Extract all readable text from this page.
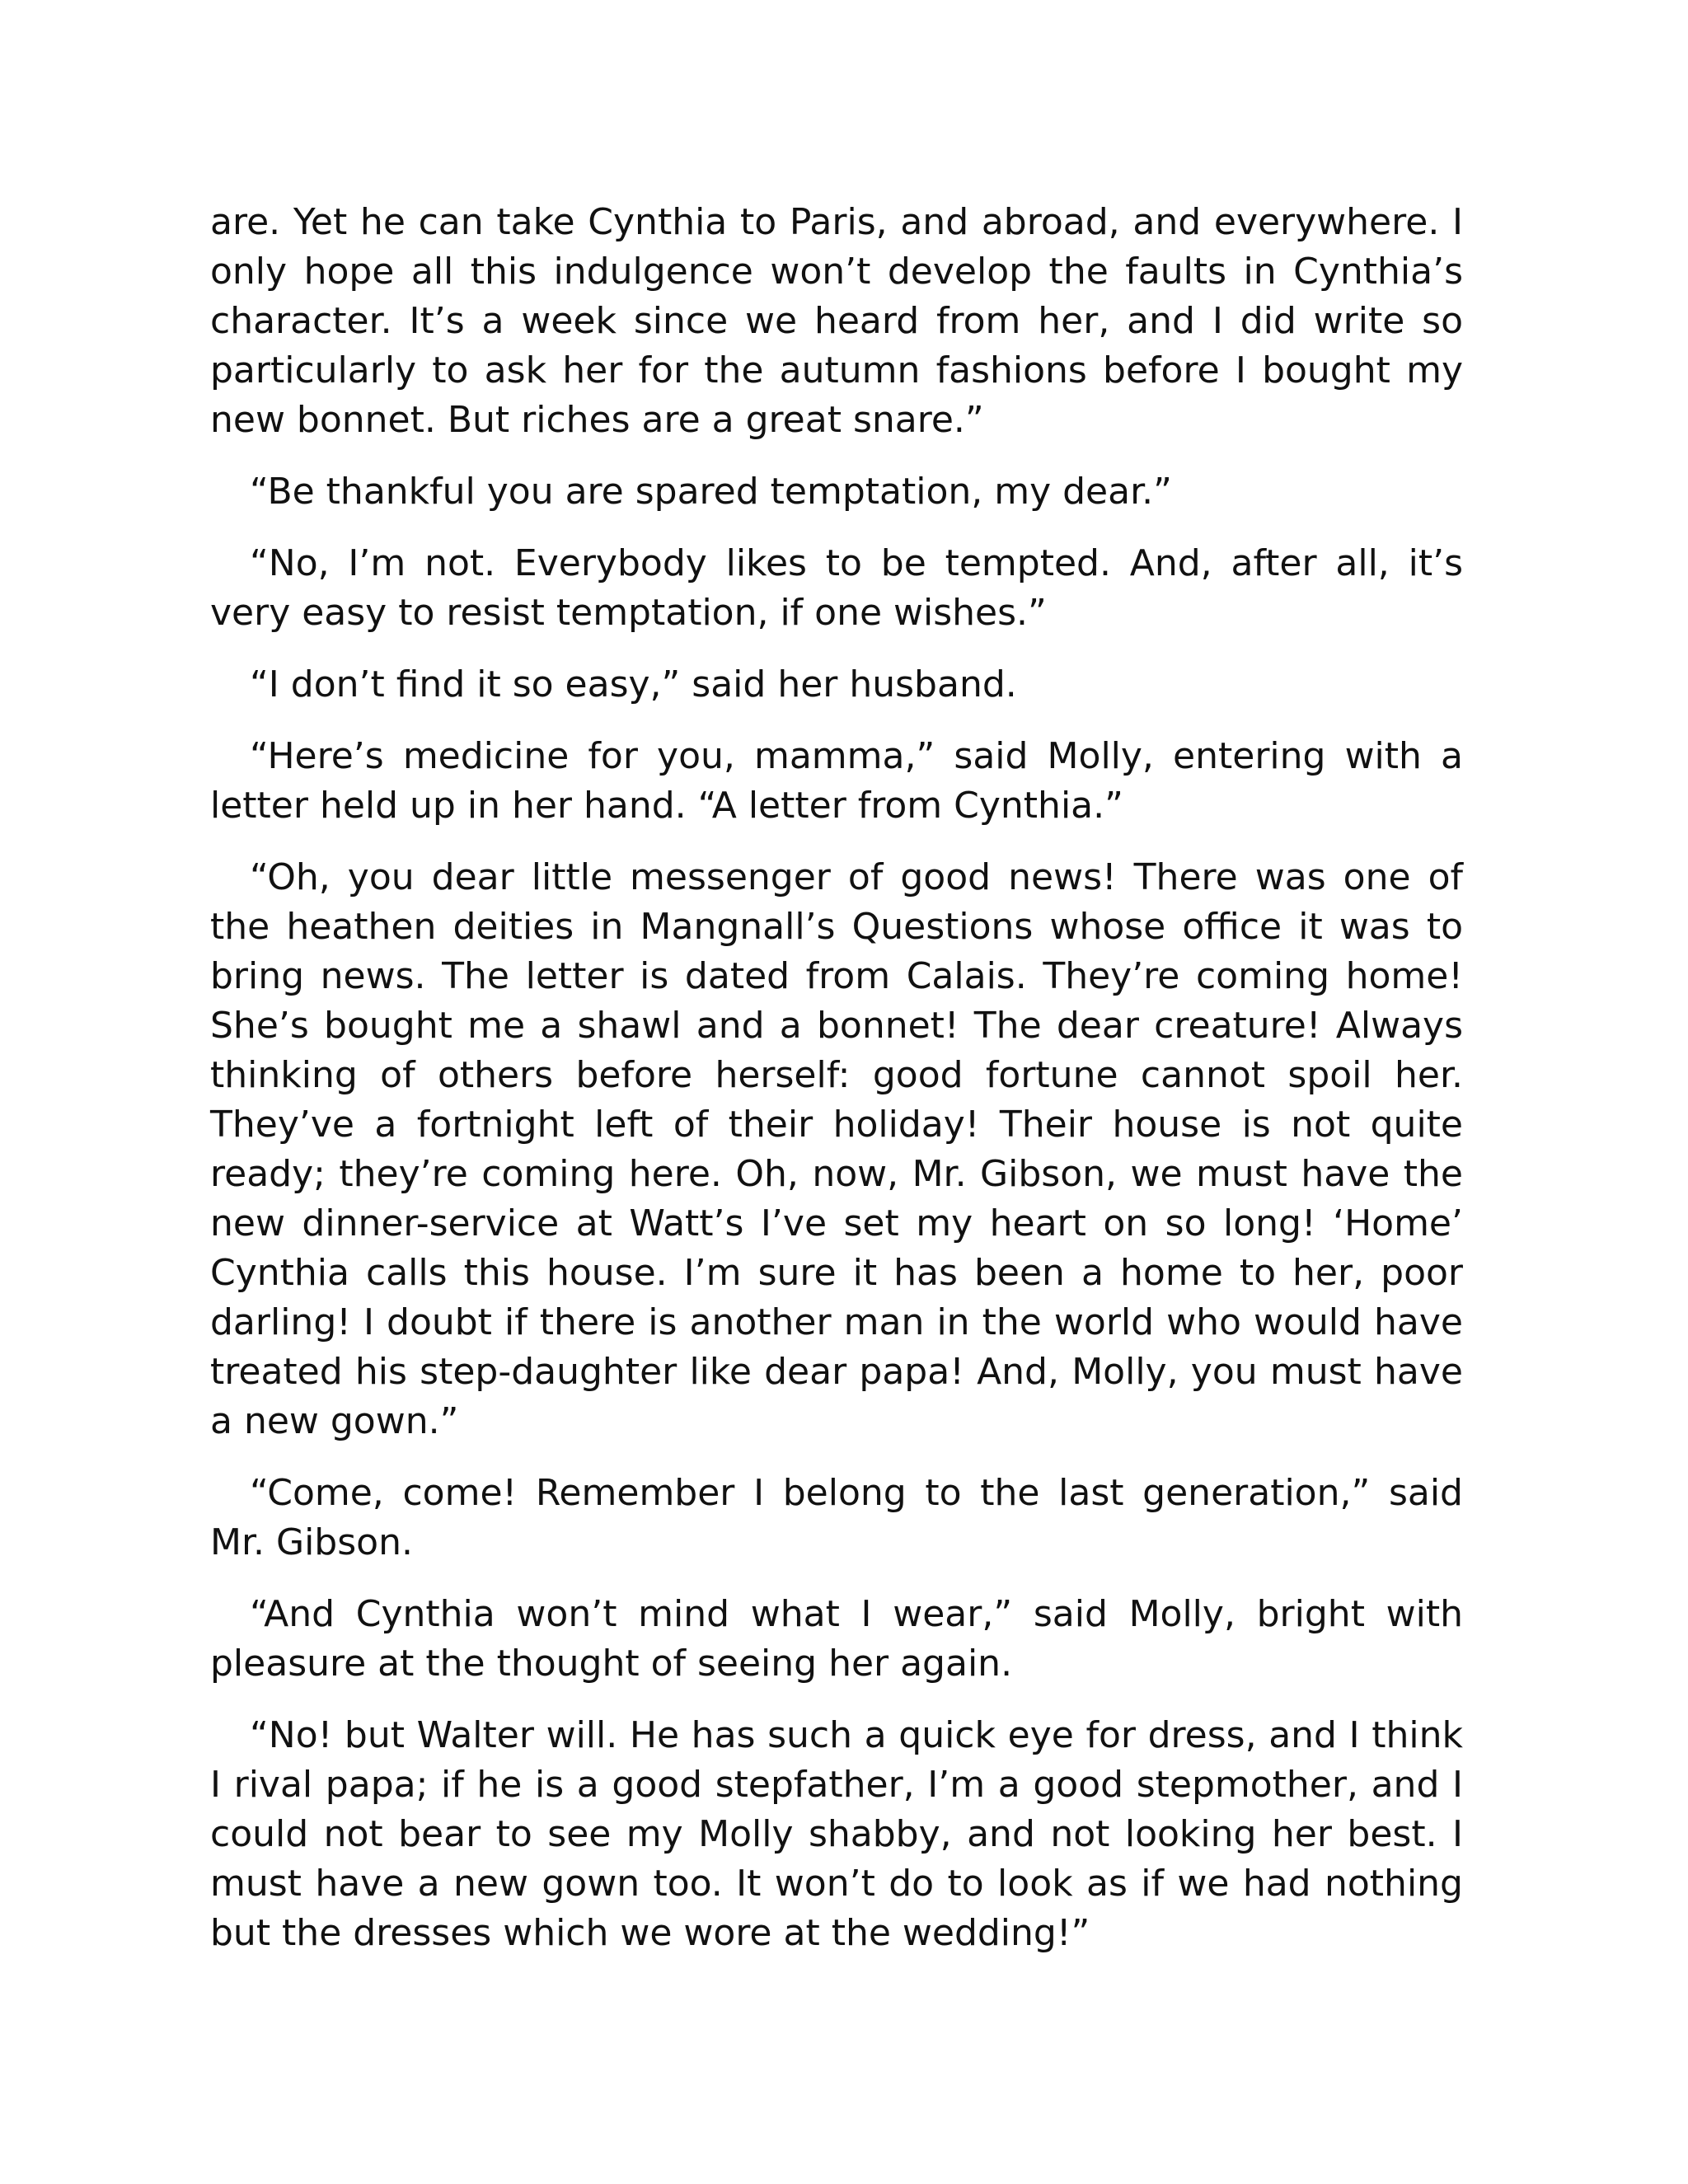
are. Yet he can take Cynthia to Paris, and abroad, and everywhere. I only hope all this indulgence won’t develop the faults in Cynthia’s character. It’s a week since we heard from her, and I did write so particularly to ask her for the autumn fashions before I bought my new bonnet. But riches are a great snare.”

“Be thankful you are spared temptation, my dear.”

“No, I’m not. Everybody likes to be tempted. And, after all, it’s very easy to resist temptation, if one wishes.”

“I don’t find it so easy,” said her husband.

“Here’s medicine for you, mamma,” said Molly, entering with a letter held up in her hand. “A letter from Cynthia.”

“Oh, you dear little messenger of good news! There was one of the heathen deities in Mangnall’s Questions whose office it was to bring news. The letter is dated from Calais. They’re coming home! She’s bought me a shawl and a bonnet! The dear creature! Always thinking of others before herself: good fortune cannot spoil her. They’ve a fortnight left of their holiday! Their house is not quite ready; they’re coming here. Oh, now, Mr. Gibson, we must have the new dinner-service at Watt’s I’ve set my heart on so long! ‘Home’ Cynthia calls this house. I’m sure it has been a home to her, poor darling! I doubt if there is another man in the world who would have treated his step-daughter like dear papa! And, Molly, you must have a new gown.”

“Come, come! Remember I belong to the last generation,” said Mr. Gibson.

“And Cynthia won’t mind what I wear,” said Molly, bright with pleasure at the thought of seeing her again.

“No! but Walter will. He has such a quick eye for dress, and I think I rival papa; if he is a good stepfather, I’m a good stepmother, and I could not bear to see my Molly shabby, and not looking her best. I must have a new gown too. It won’t do to look as if we had nothing but the dresses which we wore at the wedding!”
